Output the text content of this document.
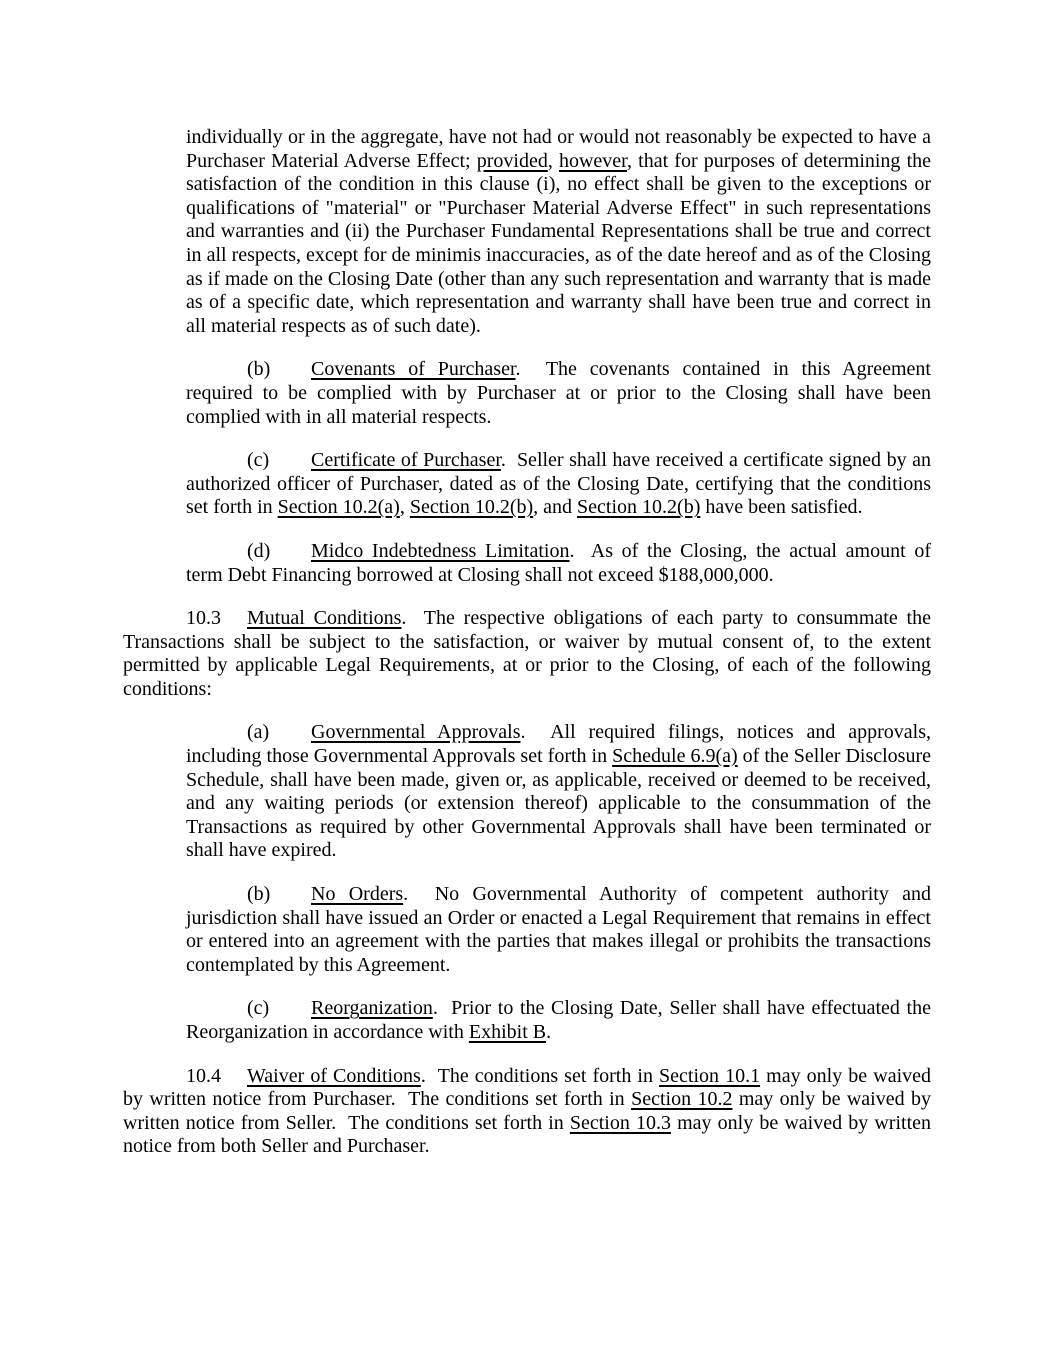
individually or in the aggregate, have not had or would not reasonably be expected to have a Purchaser Material Adverse Effect; provided, however, that for purposes of determining the satisfaction of the condition in this clause (i), no effect shall be given to the exceptions or qualifications of "material" or "Purchaser Material Adverse Effect" in such representations and warranties and (ii) the Purchaser Fundamental Representations shall be true and correct in all respects, except for de minimis inaccuracies, as of the date hereof and as of the Closing as if made on the Closing Date (other than any such representation and warranty that is made as of a specific date, which representation and warranty shall have been true and correct in all material respects as of such date).

(b) Covenants of Purchaser.  The covenants contained in this Agreement required to be complied with by Purchaser at or prior to the Closing shall have been complied with in all material respects.

(c) Certificate of Purchaser.  Seller shall have received a certificate signed by an authorized officer of Purchaser, dated as of the Closing Date, certifying that the conditions set forth in Section 10.2(a), Section 10.2(b), and Section 10.2(b) have been satisfied.

(d) Midco Indebtedness Limitation.  As of the Closing, the actual amount of term Debt Financing borrowed at Closing shall not exceed $188,000,000.

10.3 Mutual Conditions.  The respective obligations of each party to consummate the Transactions shall be subject to the satisfaction, or waiver by mutual consent of, to the extent permitted by applicable Legal Requirements, at or prior to the Closing, of each of the following conditions:

(a) Governmental Approvals.  All required filings, notices and approvals, including those Governmental Approvals set forth in Schedule 6.9(a) of the Seller Disclosure Schedule, shall have been made, given or, as applicable, received or deemed to be received, and any waiting periods (or extension thereof) applicable to the consummation of the Transactions as required by other Governmental Approvals shall have been terminated or shall have expired.

(b) No Orders.  No Governmental Authority of competent authority and jurisdiction shall have issued an Order or enacted a Legal Requirement that remains in effect or entered into an agreement with the parties that makes illegal or prohibits the transactions contemplated by this Agreement.

(c) Reorganization.  Prior to the Closing Date, Seller shall have effectuated the Reorganization in accordance with Exhibit B.

10.4 Waiver of Conditions.  The conditions set forth in Section 10.1 may only be waived by written notice from Purchaser.  The conditions set forth in Section 10.2 may only be waived by written notice from Seller.  The conditions set forth in Section 10.3 may only be waived by written notice from both Seller and Purchaser.
